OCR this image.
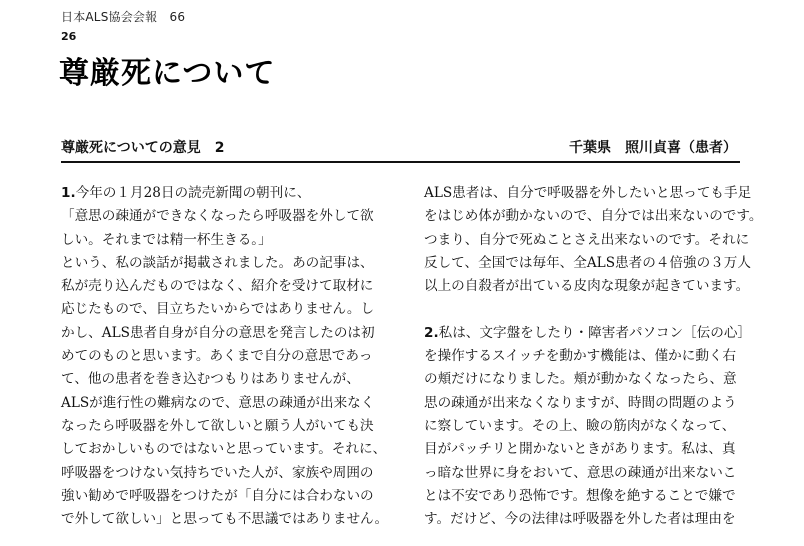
日本ALS協会会報　66
26
尊厳死について
尊厳死についての意見　2	千葉県　照川貞喜（患者）
1.今年の１月28日の読売新聞の朝刊に、
「意思の疎通ができなくなったら呼吸器を外して欲
しい。それまでは精一杯生きる。」
という、私の談話が掲載されました。あの記事は、
私が売り込んだものではなく、紹介を受けて取材に
応じたもので、目立ちたいからではありません。し
かし、ALS患者自身が自分の意思を発言したのは初
めてのものと思います。あくまで自分の意思であっ
て、他の患者を巻き込むつもりはありませんが、
ALSが進行性の難病なので、意思の疎通が出来なく
なったら呼吸器を外して欲しいと願う人がいても決
しておかしいものではないと思っています。それに、
呼吸器をつけない気持ちでいた人が、家族や周囲の
強い勧めで呼吸器をつけたが「自分には合わないの
で外して欲しい」と思っても不思議ではありません。
ALS患者は、自分で呼吸器を外したいと思っても手足
をはじめ体が動かないので、自分では出来ないのです。
つまり、自分で死ぬことさえ出来ないのです。それに
反して、全国では毎年、全ALS患者の４倍強の３万人
以上の自殺者が出ている皮肉な現象が起きています。
2.私は、文字盤をしたり・障害者パソコン［伝の心］
を操作するスイッチを動かす機能は、僅かに動く右
の頬だけになりました。頬が動かなくなったら、意
思の疎通が出来なくなりますが、時間の問題のよう
に察しています。その上、瞼の筋肉がなくなって、
目がパッチリと開かないときがあります。私は、真
っ暗な世界に身をおいて、意思の疎通が出来ないこ
とは不安であり恐怖です。想像を絶することで嫌で
す。だけど、今の法律は呼吸器を外した者は理由を
